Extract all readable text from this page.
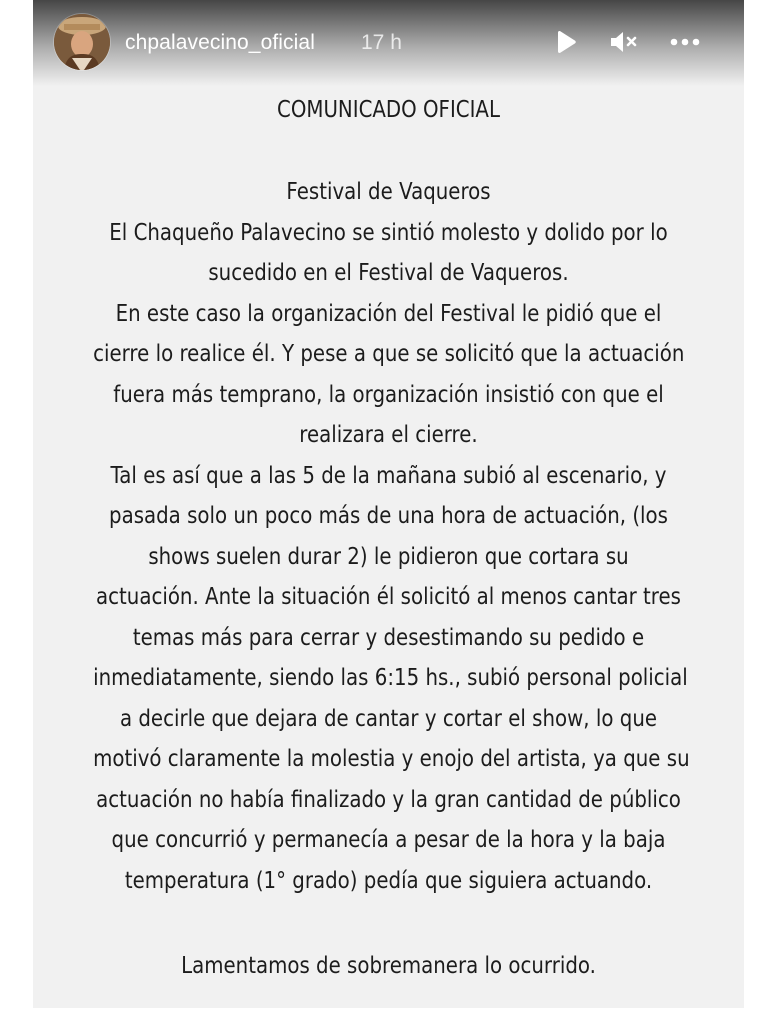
chpalavecino_oficial 17 h
COMUNICADO OFICIAL
Festival de Vaqueros
El Chaqueño Palavecino se sintió molesto y dolido por lo
sucedido en el Festival de Vaqueros.
En este caso la organización del Festival le pidió que el
cierre lo realice él. Y pese a que se solicitó que la actuación
fuera más temprano, la organización insistió con que el
realizara el cierre.
Tal es así que a las 5 de la mañana subió al escenario, y
pasada solo un poco más de una hora de actuación, (los
shows suelen durar 2) le pidieron que cortara su
actuación. Ante la situación él solicitó al menos cantar tres
temas más para cerrar y desestimando su pedido e
inmediatamente, siendo las 6:15 hs., subió personal policial
a decirle que dejara de cantar y cortar el show, lo que
motivó claramente la molestia y enojo del artista, ya que su
actuación no había finalizado y la gran cantidad de público
que concurrió y permanecía a pesar de la hora y la baja
temperatura (1° grado) pedía que siguiera actuando.
Lamentamos de sobremanera lo ocurrido.
